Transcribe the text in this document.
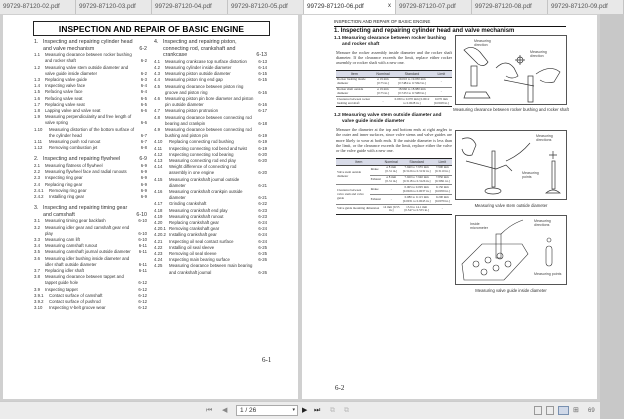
99729-87120-02.pdf	99729-87120-03.pdf	99729-87120-04.pdf	99729-87120-05.pdf	99729-87120-06.pdf	x	99729-87120-07.pdf	99729-87120-08.pdf	99729-87120-09.pdf
INSPECTION AND REPAIR OF BASIC ENGINE
1. Inspecting and repairing cylinder head and valve mechanism	6-2
1.1	Measuring clearance between rocker bushing and rocker shaft	6-2
1.2	Measuring valve stem outside diameter and valve guide inside diameter	6-2
1.3	Replacing valve guide	6-3
1.4	Inspecting valve face	6-4
1.5	Refacing valve face	6-4
1.6	Refacing valve seat	6-5
1.7	Replacing valve seat	6-5
1.8	Lapping valve and valve seat	6-6
1.9	Measuring perpendicularity and free length of valve spring	6-6
1.10	Measuring distortion of the bottom surface of the cylinder head	6-7
1.11	Measuring push rod runout	6-7
1.12	Removing combustion jet	6-8
2. Inspecting and repairing flywheel	6-9
2.1	Measuring flatness of flywheel	6-9
2.2	Measuring flywheel face and radial runouts	6-9
2.3	Inspecting ring gear	6-9
2.4	Replacing ring gear	6-9
2.4.1	Removing ring gear	6-9
2.4.2	Installing ring gear	6-9
3. Inspecting and repairing timing gear and camshaft	6-10
3.1	Measuring timing gear backlash	6-10
3.2	Measuring idler gear and camshaft gear end play	6-10
3.3	Measuring cam lift	6-10
3.4	Measuring camshaft runout	6-11
3.5	Measuring camshaft journal outside diameter	6-11
3.6	Measuring idler bushing inside diameter and idler shaft outside diameter	6-11
3.7	Replacing idler shaft	6-11
3.8	Measuring clearance between tappet and tappet guide hole	6-12
3.9	Inspecting tappet	6-12
3.9.1	Contact surface of camshaft	6-12
3.9.2	Contact surface of pushrod	6-12
3.10	Inspecting V-belt groove wear	6-12
4. Inspecting and repairing piston, connecting rod, crankshaft and crankcase	6-13
4.1	Measuring crankcase top surface distortion	6-13
4.2	Measuring cylinder inside diameter	6-14
4.3	Measuring piston outside diameter	6-15
4.4	Measuring piston ring end gap	6-15
4.5	Measuring clearance between piston ring groove and piston ring	6-16
4.6	Measuring piston pin bore diameter and piston pin outside diameter	6-16
4.7	Measuring piston protrusion	6-17
4.8	Measuring clearance between connecting rod bearing and crankpin	6-18
4.9	Measuring clearance between connecting rod bushing and piston pin	6-19
4.10	Replacing connecting rod bushing	6-19
4.11	Inspecting connecting rod bend and twist	6-19
4.12	Inspecting connecting rod bearing	6-20
4.13	Measuring connecting rod end play	6-20
4.14	Weight difference of connecting rod assembly in one engine	6-20
4.15	Measuring crankshaft journal outside diameter	6-21
4.16	Measuring crankshaft crankpin outside diameter	6-21
4.17	Grinding crankshaft	6-22
4.18	Measuring crankshaft end play	6-23
4.19	Measuring crankshaft runout	6-23
4.20	Replacing crankshaft gear	6-24
4.20.1 Removing crankshaft gear	6-24
4.20.2 Installing crankshaft gear	6-24
4.21	Inspecting oil seal contact surface	6-24
4.22	Installing oil seal sleeve	6-25
4.23	Removing oil seal sleeve	6-25
4.24	Inspecting main bearing surface	6-26
4.25	Measuring clearance between main bearing and crankshaft journal	6-26
6-1
INSPECTION AND REPAIR OF BASIC ENGINE
1. Inspecting and repairing cylinder head and valve mechanism
1.1 Measuring clearance between rocker bushing and rocker shaft
Measure the rocker assembly inside diameter and the rocker shaft diameter. If the clearance exceeds the limit, replace either rocker assembly or rocker shaft with a new one.
Item	Nominal	Standard	Limit
Rocker bushing inside diameter	ø 19 mm [0.75 in.]	19.010 to 19.030 mm [0.7484 to 0.7492 in.]	-
Rocker shaft outside diameter	ø 19 mm [0.75 in.]	18.960 to 18.980 mm [0.7472 to 0.7480 in.]	-
Clearance between rocker bushing and shaft	-	0.030 to 0.070 mm [0.0012 to 0.0028 in.]	0.070 mm [0.0028 in.]
1.2 Measuring valve stem outside diameter and valve guide inside diameter
Measure the diameter at the top and bottom ends at right angles to the outer and inner surfaces, since valve stems and valve guides are more likely to wear at both ends. If the outside diameter is less than the limit, or the clearance exceeds the limit, replace either the valve or the valve guide with a new one.
Item		Nominal	Standard	Limit
Valve stem outside diameter	Intake	ø 8 mm [0.31 in.]	7.940 to 7.955 mm [0.3126 to 0.3132 in.]	7.900 mm [0.3110 in.]
	Exhaust	ø 8 mm [0.31 in.]	7.920 to 7.940 mm [0.3118 to 0.3126 in.]	7.850 mm [0.3091 in.]
Clearance between valve stem and valve guide	Intake	-	0.065 to 0.095 mm [0.0026 to 0.0037 in.]	0.150 mm [0.0059 in.]
	Exhaust	-	0.080 to 0.115 mm [0.0031 to 0.0045 in.]	0.200 mm [0.0079 in.]
Valve guide mounting dimension		14 mm [0.55 in.]	13.9 to 14.1 mm [0.547 to 0.555 in.]	-
Measuring direction
Measuring direction
Measuring clearance between rocker bushing and rocker shaft
Measuring directions
Measuring points
Measuring valve stem outside diameter
Inside micrometer
Measuring directions
Measuring points
Measuring valve guide inside diameter
6-2
⏮ ◀	1 / 26	▾ ▶ ⏭ ⧉ ⧉	⊞ 69
